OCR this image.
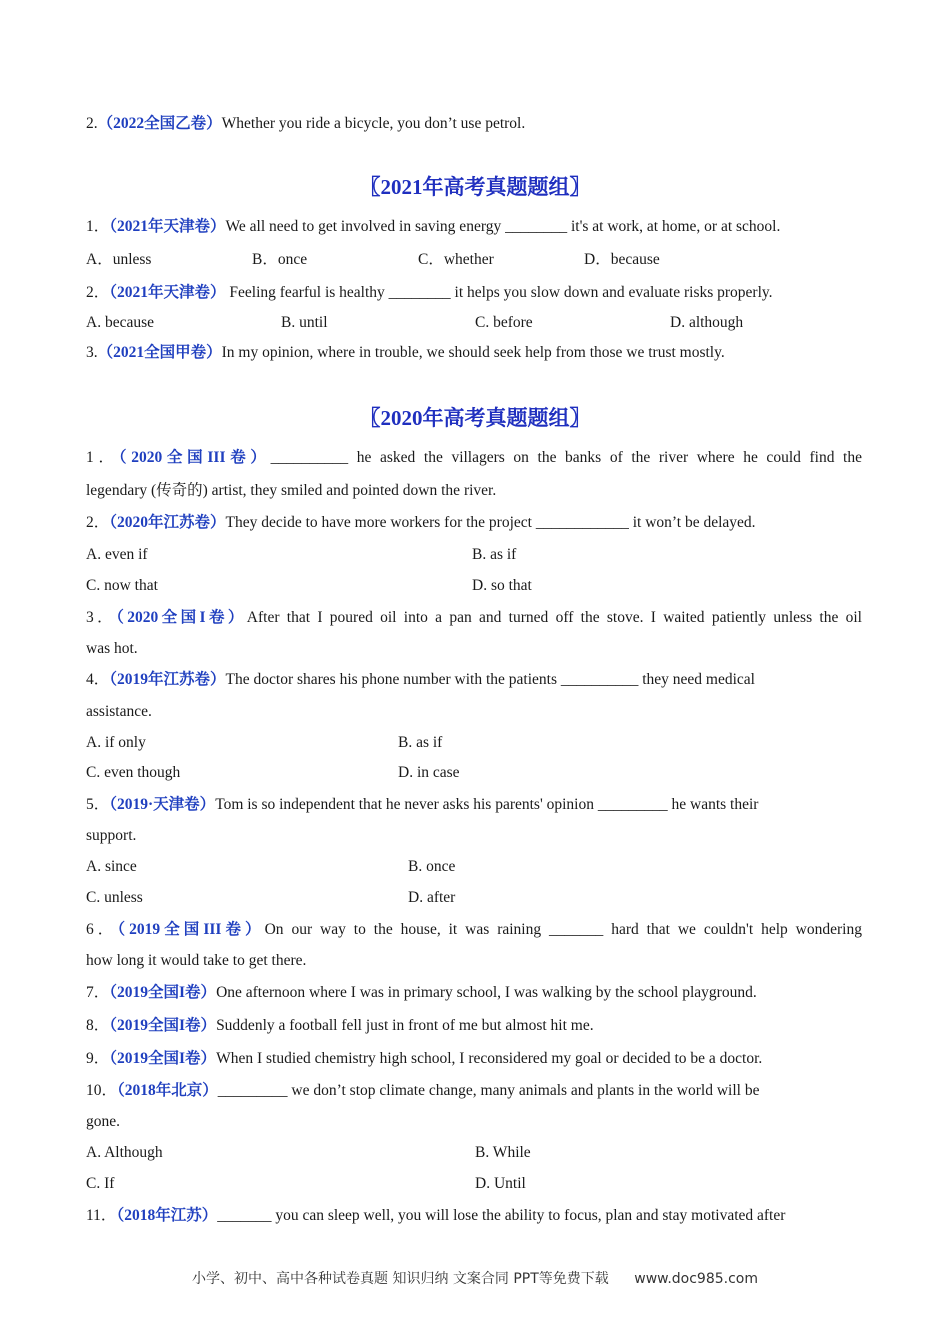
2.（2022全国乙卷）Whether you ride a bicycle, you don’t use petrol.
〖2021年高考真题题组〗
1．（2021年天津卷）We all need to get involved in saving energy ________ it's at work, at home, or at school.
A．unless	B．once	C．whether	D．because
2．（2021年天津卷） Feeling fearful is healthy ________ it helps you slow down and evaluate risks properly.
A. because	B. until	C. before	D. although
3.（2021全国甲卷）In my opinion, where in trouble, we should seek help from those we trust mostly.
〖2020年高考真题题组〗
1．（2020全国III卷）__________ he asked the villagers on the banks of the river where he could find the
legendary (传奇的) artist, they smiled and pointed down the river.
2．（2020年江苏卷）They decide to have more workers for the project ____________ it won’t be delayed.
A. even if	B. as if
C. now that	D. so that
3．（2020全国I卷）After that I poured oil into a pan and turned off the stove. I waited patiently unless the oil
was hot.
4．（2019年江苏卷）The doctor shares his phone number with the patients __________ they need medical
assistance.
A. if only	B. as if
C. even though	D. in case
5．（2019·天津卷）Tom is so independent that he never asks his parents' opinion _________ he wants their
support.
A. since	B. once
C. unless	D. after
6．（2019全国III卷）On our way to the house, it was raining _______ hard that we couldn't help wondering
how long it would take to get there.
7．（2019全国I卷）One afternoon where I was in primary school, I was walking by the school playground.
8．（2019全国I卷）Suddenly a football fell just in front of me but almost hit me.
9．（2019全国I卷）When I studied chemistry high school, I reconsidered my goal or decided to be a doctor.
10．（2018年北京）_________ we don’t stop climate change, many animals and plants in the world will be
gone.
A. Although	B. While
C. If	D. Until
11．（2018年江苏）_______ you can sleep well, you will lose the ability to focus, plan and stay motivated after
小学、初中、高中各种试卷真题 知识归纳 文案合同 PPT等免费下载 www.doc985.com
